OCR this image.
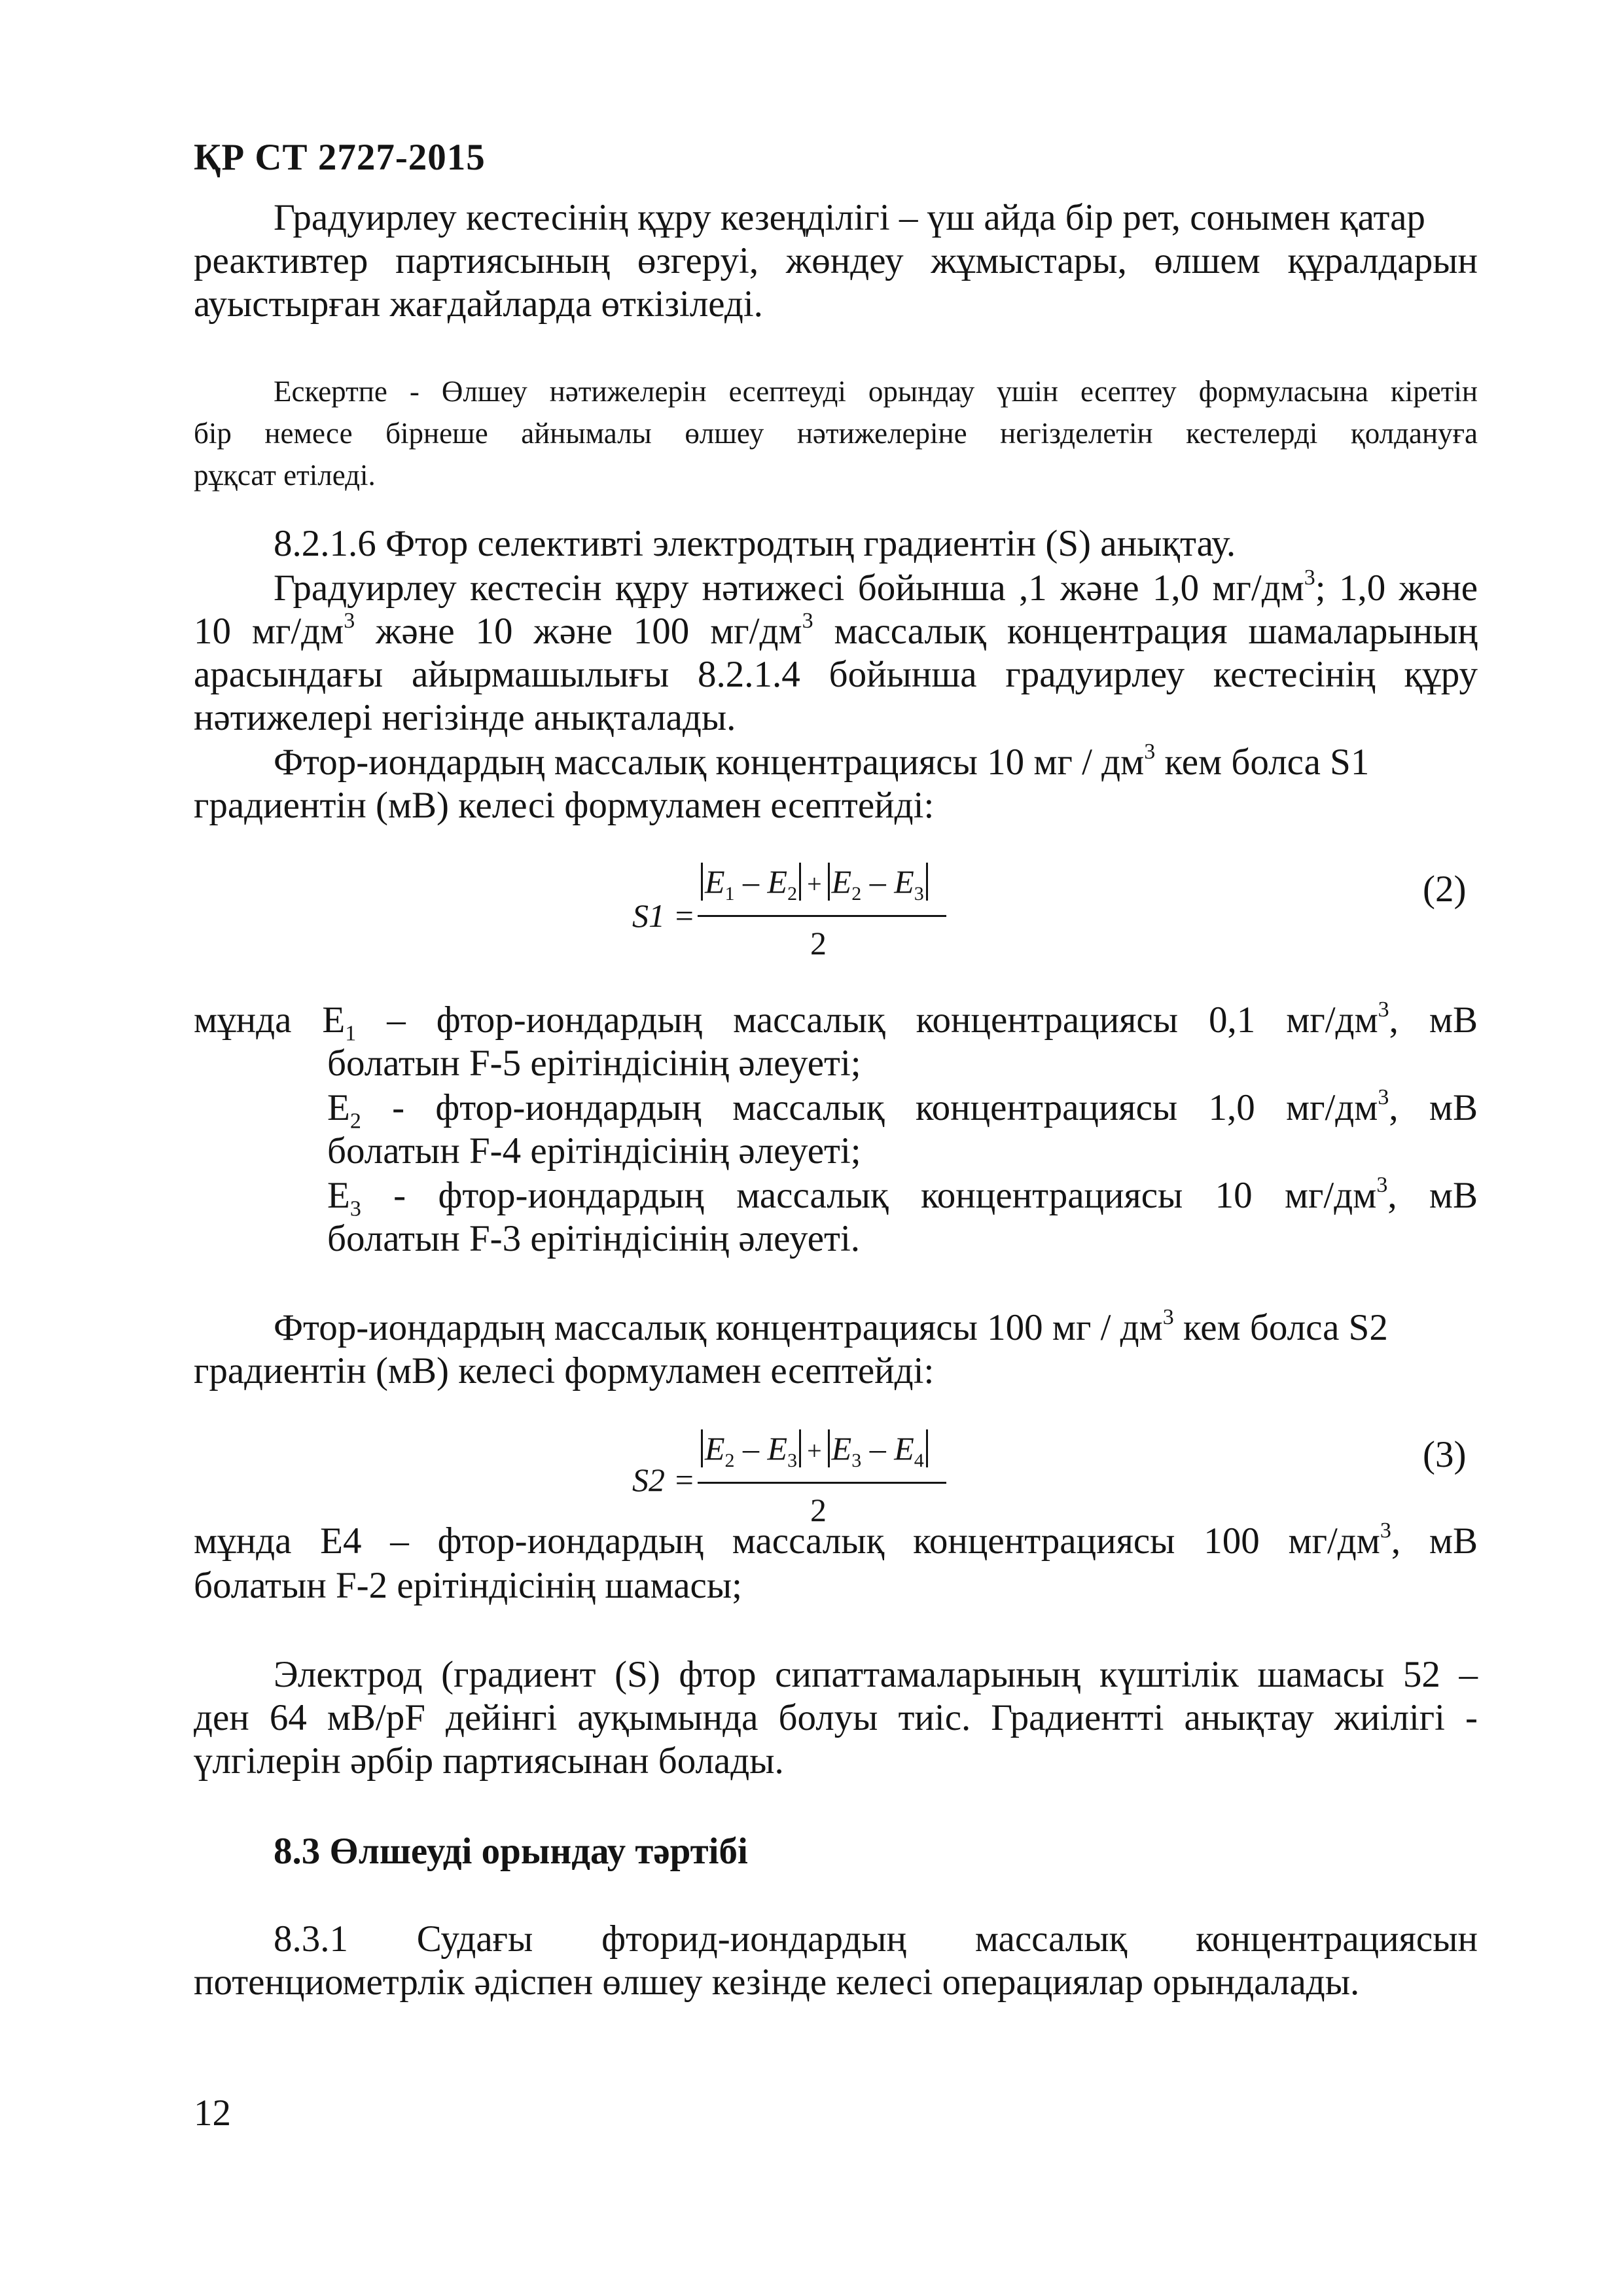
ҚР СТ 2727-2015
Градуирлеу кестесінің құру кезеңділігі – үш айда бір рет, сонымен қатар
реактивтер партиясының өзгеруі, жөндеу жұмыстары, өлшем құралдарын
ауыстырған жағдайларда өткізіледі.
Ескертпе - Өлшеу нәтижелерін есептеуді орындау үшін есептеу формуласына кіретін
бір немесе бірнеше айнымалы өлшеу нәтижелеріне негізделетін кестелерді қолдануға
рұқсат етіледі.
8.2.1.6 Фтор селективті электродтың градиентін (S) анықтау.
Градуирлеу кестесін құру нәтижесі бойынша ,1 және 1,0 $мг/дм^3$; 1,0 және
10 $мг/дм^3$ және 10 және 100 $мг/дм^3$ массалық концентрация шамаларының
арасындағы айырмашылығы 8.2.1.4 бойынша градуирлеу кестесінің құру
нәтижелері негізінде анықталады.
Фтор-иондардың массалық концентрациясы 10 мг / $дм^3$ кем болса S1
градиентін (мВ) келесі формуламен есептейді:
S1 =
$E_1 - E_2 + E_2 - E_3$
2
(2)
мұнда $E_1$ – фтор-иондардың массалық концентрациясы 0,1 $мг/дм^3$, мВ
болатын F-5 ерітіндісінің әлеуеті;
$E_2$ - фтор-иондардың массалық концентрациясы 1,0 $мг/дм^3$, мВ
болатын F-4 ерітіндісінің әлеуеті;
$E_3$ - фтор-иондардың массалық концентрациясы 10 $мг/дм^3$, мВ
болатын F-3 ерітіндісінің әлеуеті.
Фтор-иондардың массалық концентрациясы 100 мг / $дм^3$ кем болса S2
градиентін (мВ) келесі формуламен есептейді:
S2 =
$E_2 - E_3 + E_3 - E_4$
2
(3)
мұнда Е4 – фтор-иондардың массалық концентрациясы 100 $мг/дм^3$, мВ
болатын F-2 ерітіндісінің шамасы;
Электрод (градиент (S) фтор сипаттамаларының күштілік шамасы 52 –
ден 64 мВ/pF дейінгі ауқымында болуы тиіс. Градиентті анықтау жиілігі -
үлгілерін әрбір партиясынан болады.
8.3 Өлшеуді орындау тәртібі
8.3.1 Судағы фторид-иондардың массалық концентрациясын
потенциометрлік әдіспен өлшеу кезінде келесі операциялар орындалады.
12
